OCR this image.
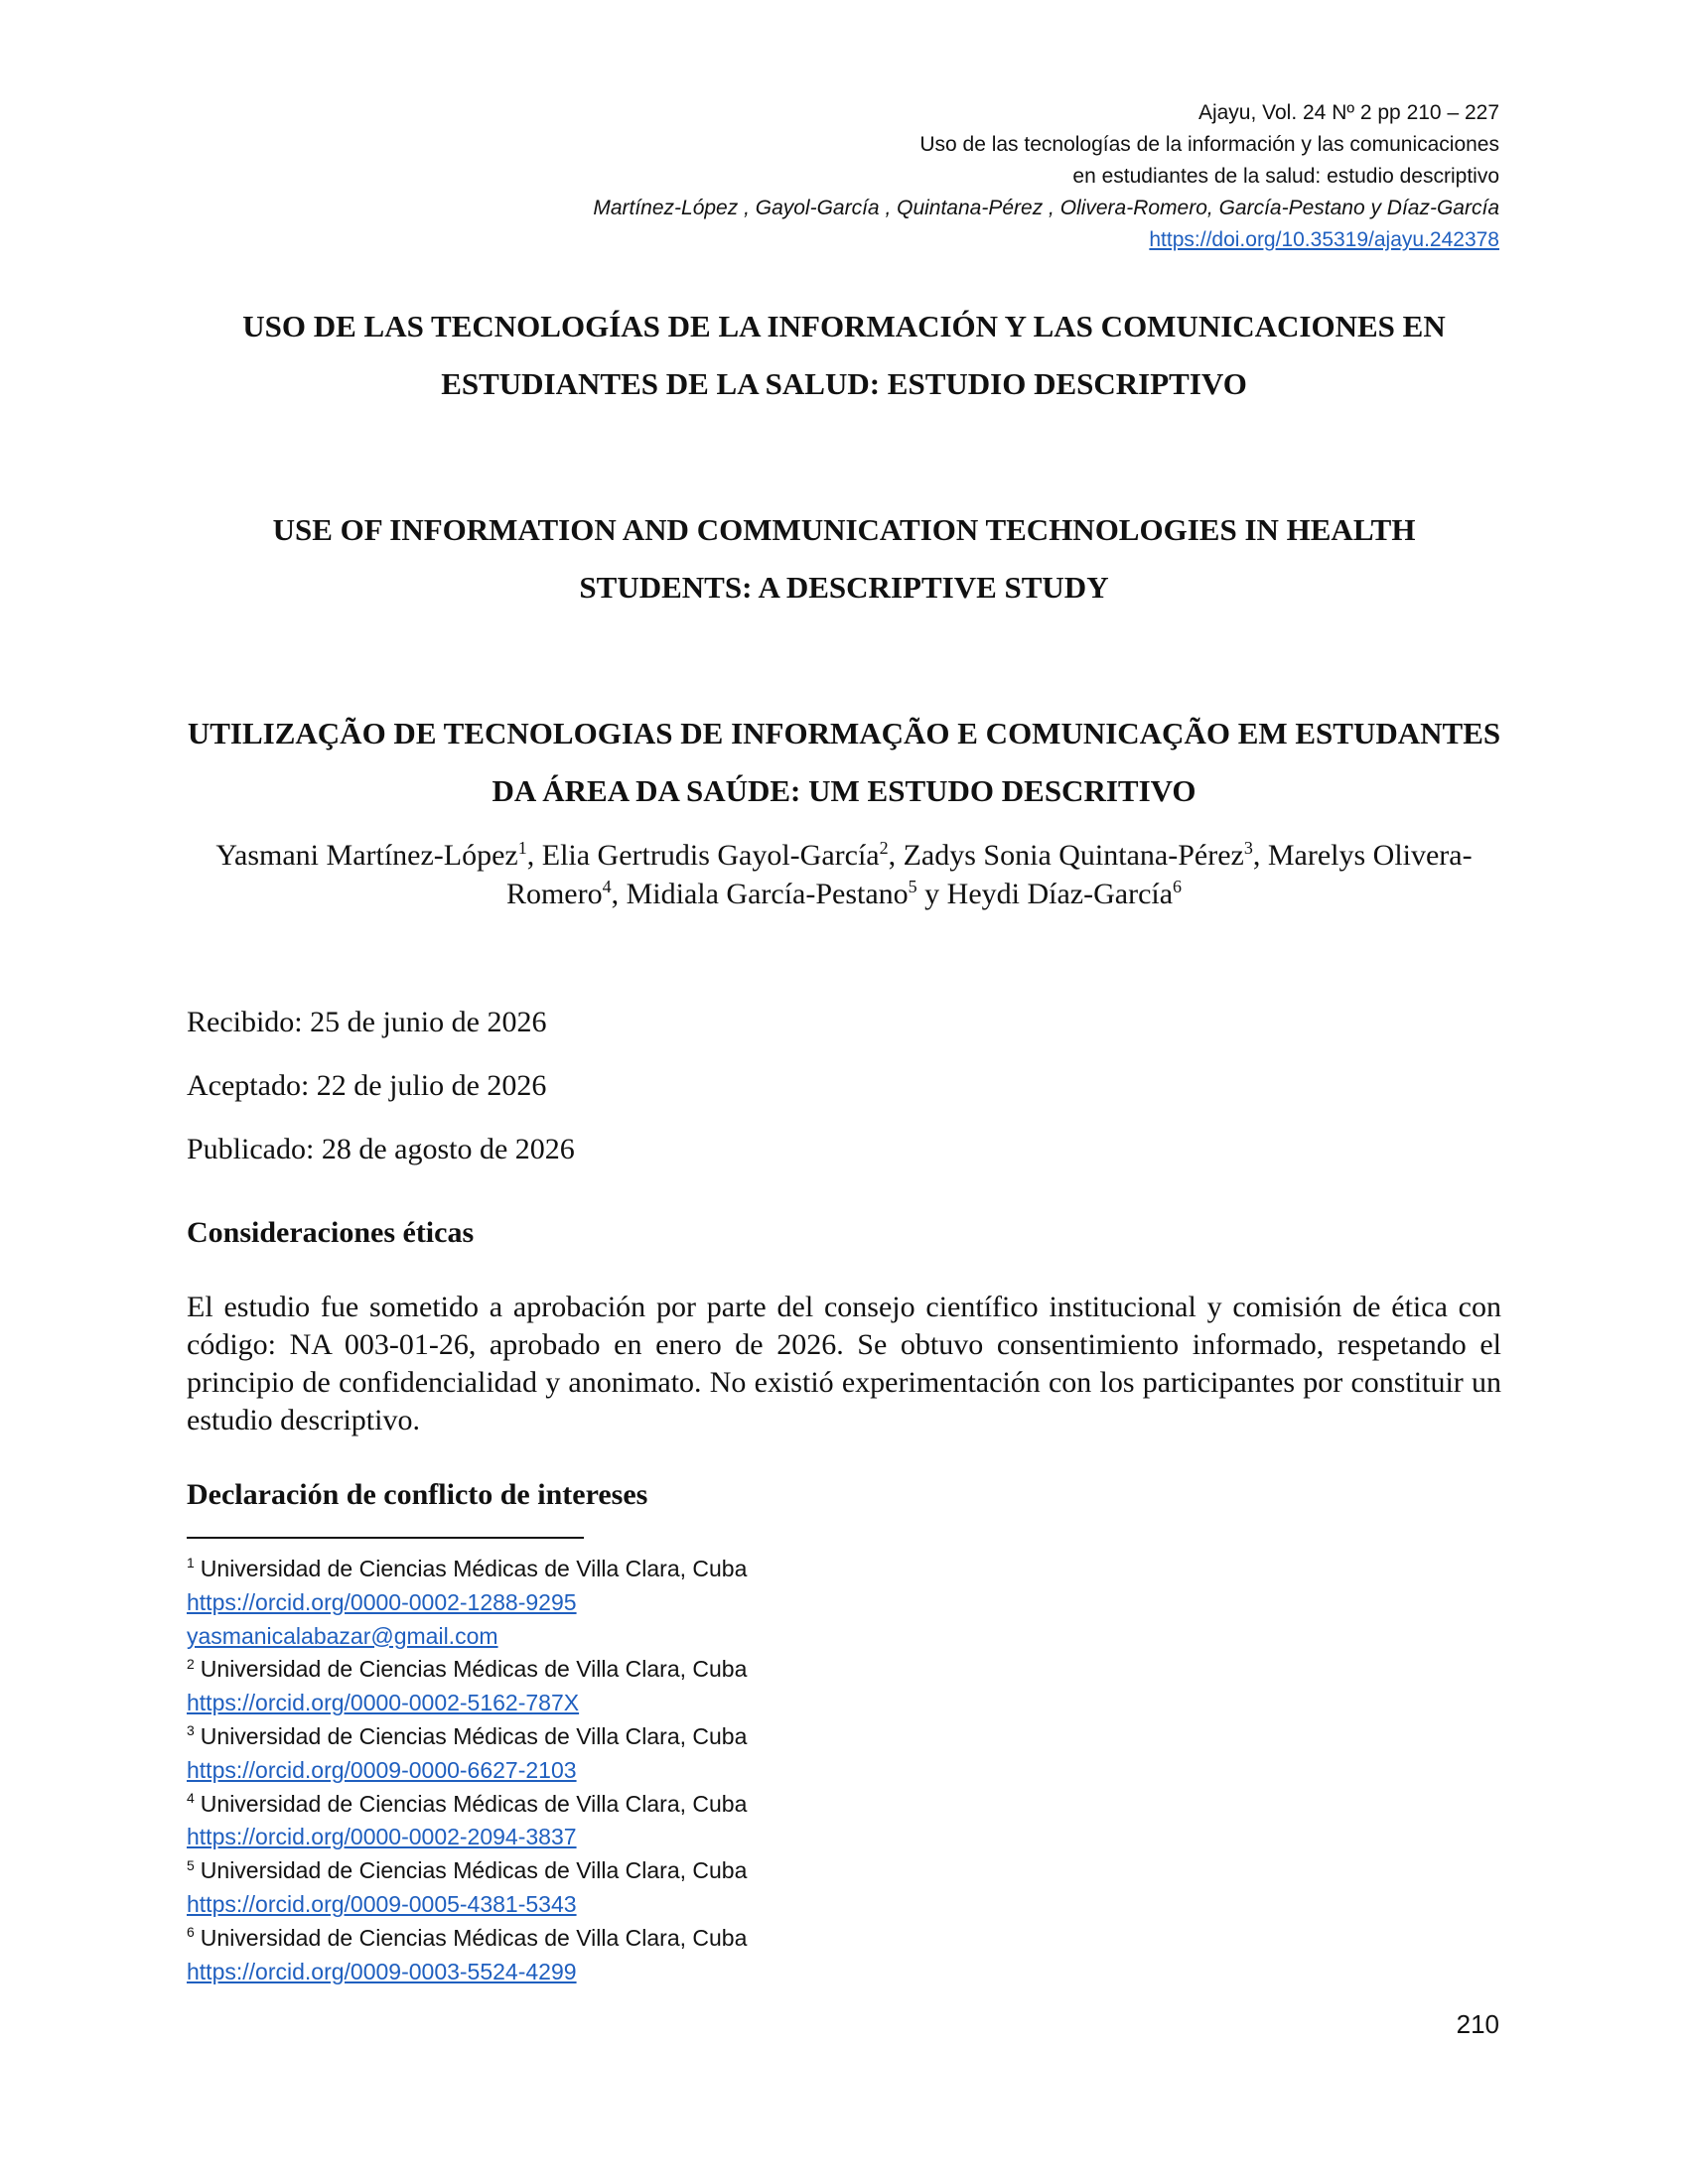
Ajayu, Vol. 24 Nº 2 pp 210 – 227
Uso de las tecnologías de la información y las comunicaciones
en estudiantes de la salud: estudio descriptivo
Martínez-López , Gayol-García , Quintana-Pérez , Olivera-Romero, García-Pestano y Díaz-García
https://doi.org/10.35319/ajayu.242378
USO DE LAS TECNOLOGÍAS DE LA INFORMACIÓN Y LAS COMUNICACIONES EN ESTUDIANTES DE LA SALUD: ESTUDIO DESCRIPTIVO
USE OF INFORMATION AND COMMUNICATION TECHNOLOGIES IN HEALTH STUDENTS: A DESCRIPTIVE STUDY
UTILIZAÇÃO DE TECNOLOGIAS DE INFORMAÇÃO E COMUNICAÇÃO EM ESTUDANTES DA ÁREA DA SAÚDE: UM ESTUDO DESCRITIVO
Yasmani Martínez-López$^1$, Elia Gertrudis Gayol-García$^2$, Zadys Sonia Quintana-Pérez$^3$, Marelys Olivera-Romero$^4$, Midiala García-Pestano$^5$ y Heydi Díaz-García$^6$
Recibido: 25 de junio de 2026
Aceptado: 22 de julio de 2026
Publicado: 28 de agosto de 2026
Consideraciones éticas
El estudio fue sometido a aprobación por parte del consejo científico institucional y comisión de ética con código: NA 003-01-26, aprobado en enero de 2026. Se obtuvo consentimiento informado, respetando el principio de confidencialidad y anonimato. No existió experimentación con los participantes por constituir un estudio descriptivo.
Declaración de conflicto de intereses
$^1$ Universidad de Ciencias Médicas de Villa Clara, Cuba
https://orcid.org/0000-0002-1288-9295
yasmanicalabazar@gmail.com
$^2$ Universidad de Ciencias Médicas de Villa Clara, Cuba
https://orcid.org/0000-0002-5162-787X
$^3$ Universidad de Ciencias Médicas de Villa Clara, Cuba
https://orcid.org/0009-0000-6627-2103
$^4$ Universidad de Ciencias Médicas de Villa Clara, Cuba
https://orcid.org/0000-0002-2094-3837
$^5$ Universidad de Ciencias Médicas de Villa Clara, Cuba
https://orcid.org/0009-0005-4381-5343
$^6$ Universidad de Ciencias Médicas de Villa Clara, Cuba
https://orcid.org/0009-0003-5524-4299
210
